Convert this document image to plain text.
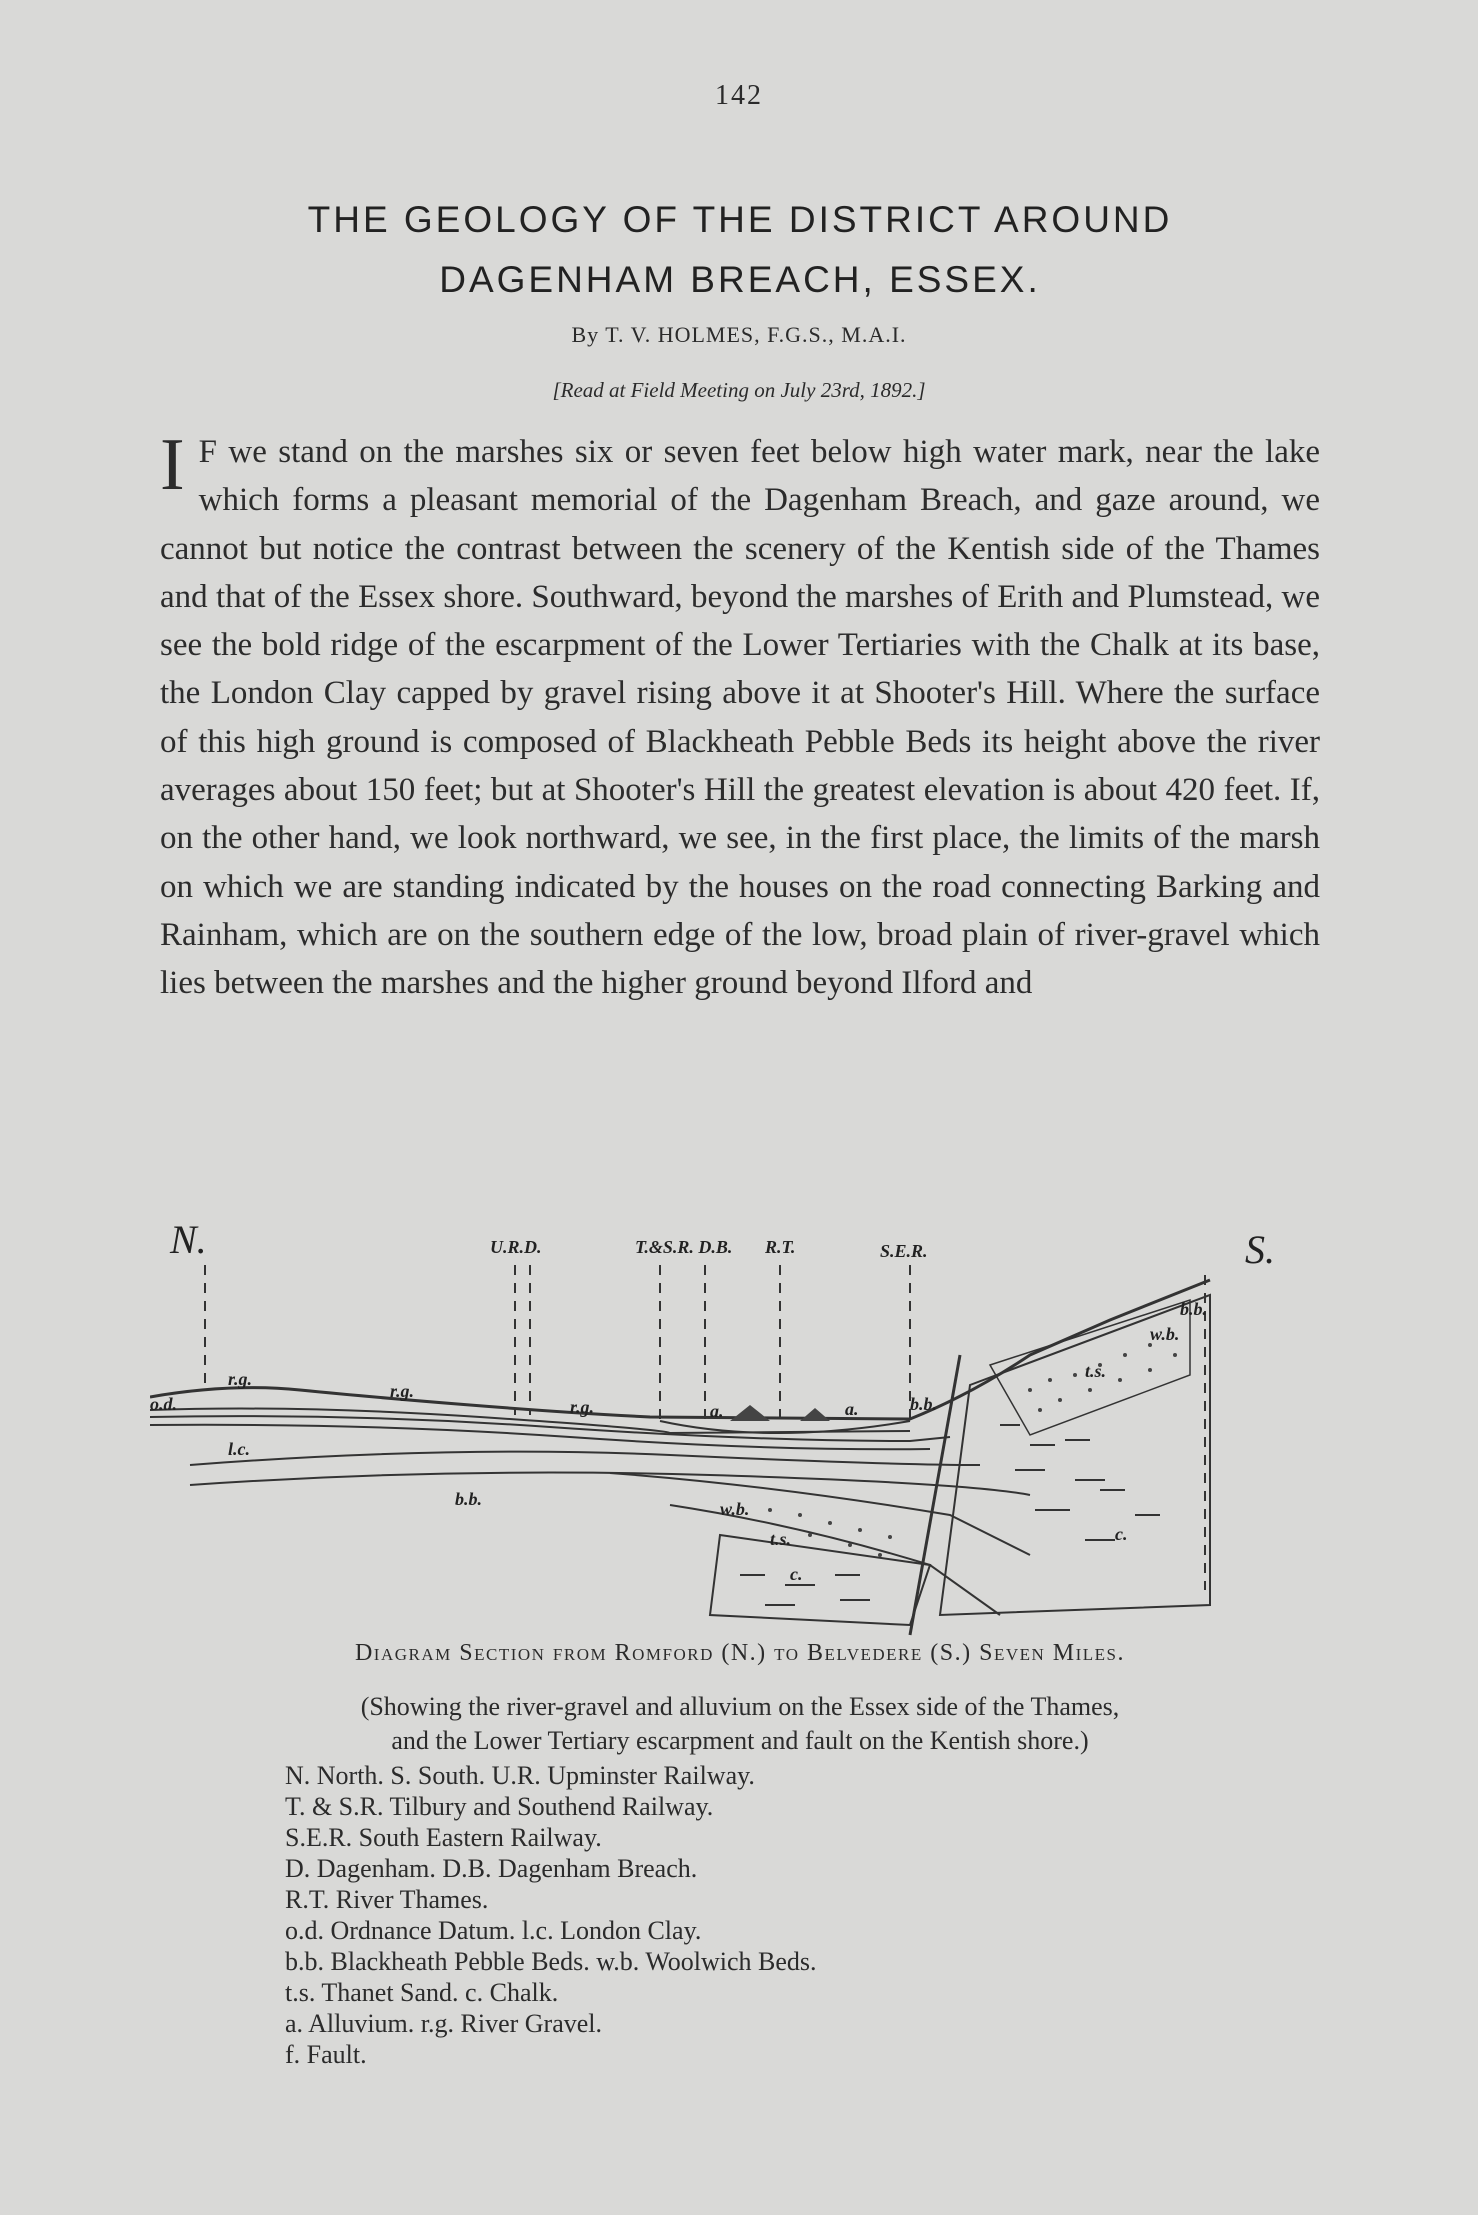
142
THE GEOLOGY OF THE DISTRICT AROUND
DAGENHAM BREACH, ESSEX.
By T. V. HOLMES, F.G.S., M.A.I.
[Read at Field Meeting on July 23rd, 1892.]
I F we stand on the marshes six or seven feet below high water mark, near the lake which forms a pleasant memorial of the Dagenham Breach, and gaze around, we cannot but notice the contrast between the scenery of the Kentish side of the Thames and that of the Essex shore. Southward, beyond the marshes of Erith and Plumstead, we see the bold ridge of the escarpment of the Lower Tertiaries with the Chalk at its base, the London Clay capped by gravel rising above it at Shooter's Hill. Where the surface of this high ground is composed of Blackheath Pebble Beds its height above the river averages about 150 feet; but at Shooter's Hill the greatest elevation is about 420 feet. If, on the other hand, we look northward, we see, in the first place, the limits of the marsh on which we are standing indicated by the houses on the road connecting Barking and Rainham, which are on the southern edge of the low, broad plain of river-gravel which lies between the marshes and the higher ground beyond Ilford and
N.	S.
U.R.D.	T.&S.R. D.B. R.T.	S.E.R.
r.g.
r.g.
r.g.
o.d.
l.c.
b.b.
b.b.
b.b.
w.b.
w.b.
t.s.
t.s.
a.	a.
c.
c.
Diagram Section from Romford (N.) to Belvedere (S.) Seven Miles.
(Showing the river-gravel and alluvium on the Essex side of the Thames,
and the Lower Tertiary escarpment and fault on the Kentish shore.)
N. North. S. South. U.R. Upminster Railway.
T. & S.R. Tilbury and Southend Railway.
S.E.R. South Eastern Railway.
D. Dagenham. D.B. Dagenham Breach.
R.T. River Thames.
o.d. Ordnance Datum. l.c. London Clay.
b.b. Blackheath Pebble Beds. w.b. Woolwich Beds.
t.s. Thanet Sand. c. Chalk.
a. Alluvium. r.g. River Gravel.
f. Fault.
